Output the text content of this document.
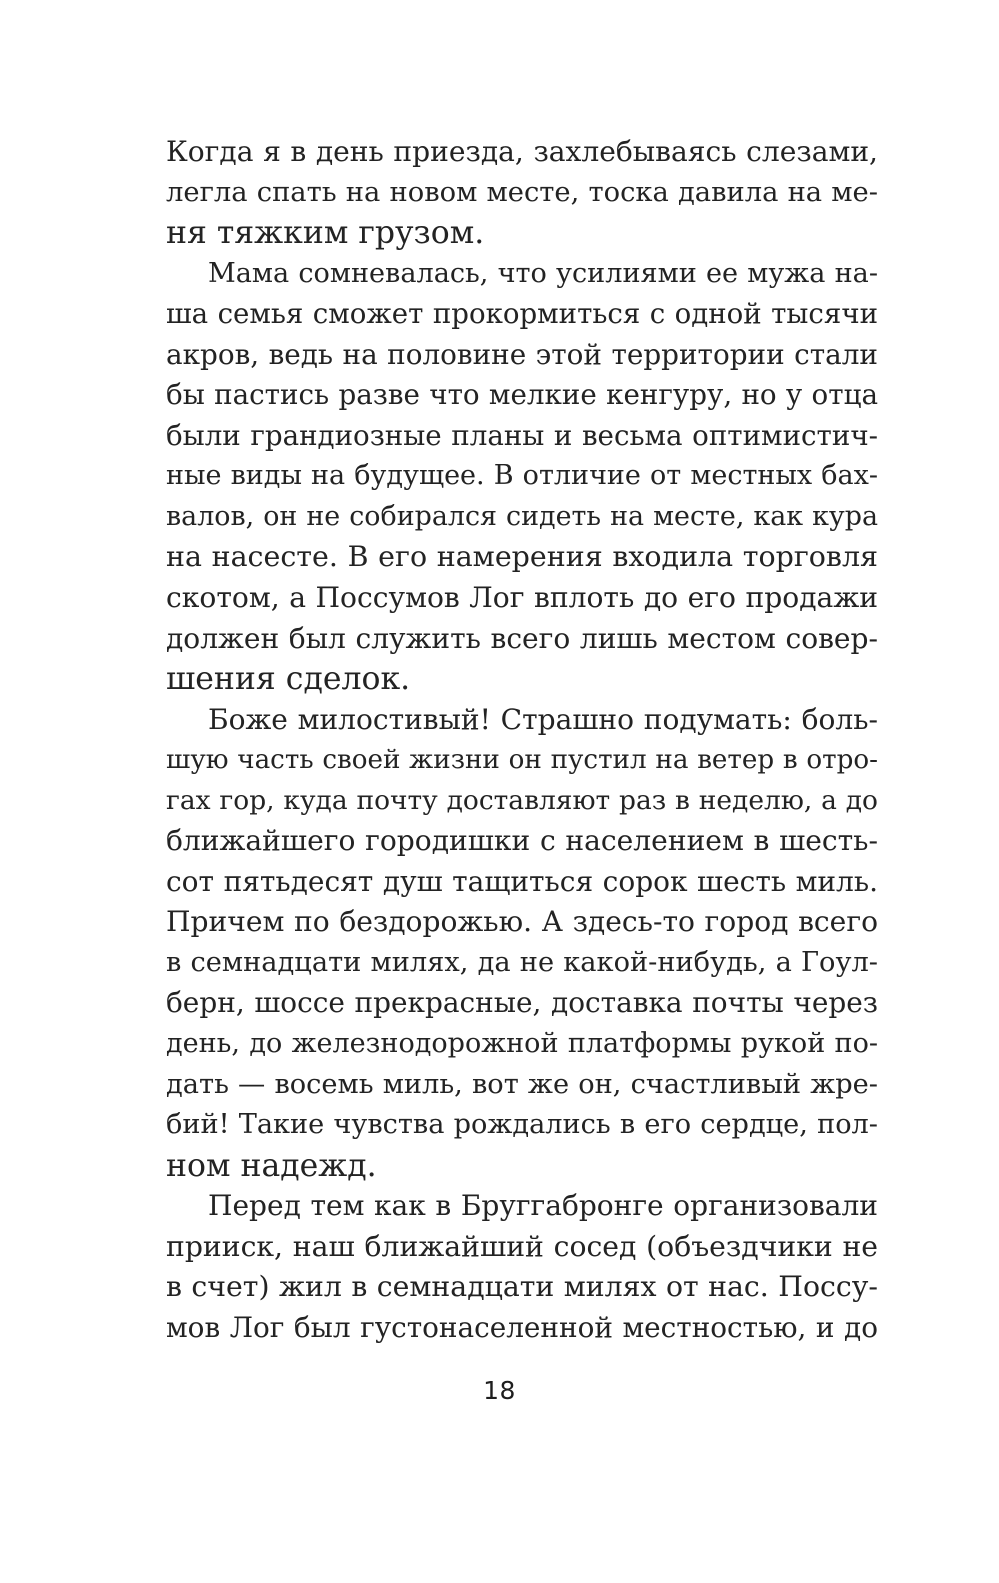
Когда я в день приезда, захлебываясь слезами,
легла спать на новом месте, тоска давила на ме-
ня тяжким грузом.
Мама сомневалась, что усилиями ее мужа на-
ша семья сможет прокормиться с одной тысячи
акров, ведь на половине этой территории стали
бы пастись разве что мелкие кенгуру, но у отца
были грандиозные планы и весьма оптимистич-
ные виды на будущее. В отличие от местных бах-
валов, он не собирался сидеть на месте, как кура
на насесте. В его намерения входила торговля
скотом, а Поссумов Лог вплоть до его продажи
должен был служить всего лишь местом совер-
шения сделок.
Боже милостивый! Страшно подумать: боль-
шую часть своей жизни он пустил на ветер в отро-
гах гор, куда почту доставляют раз в неделю, а до
ближайшего городишки с населением в шесть-
сот пятьдесят душ тащиться сорок шесть миль.
Причем по бездорожью. А здесь-то город всего
в семнадцати милях, да не какой-нибудь, а Гоул-
берн, шоссе прекрасные, доставка почты через
день, до железнодорожной платформы рукой по-
дать — восемь миль, вот же он, счастливый жре-
бий! Такие чувства рождались в его сердце, пол-
ном надежд.
Перед тем как в Бруггабронге организовали
прииск, наш ближайший сосед (объездчики не
в счет) жил в семнадцати милях от нас. Поссу-
мов Лог был густонаселенной местностью, и до
18
